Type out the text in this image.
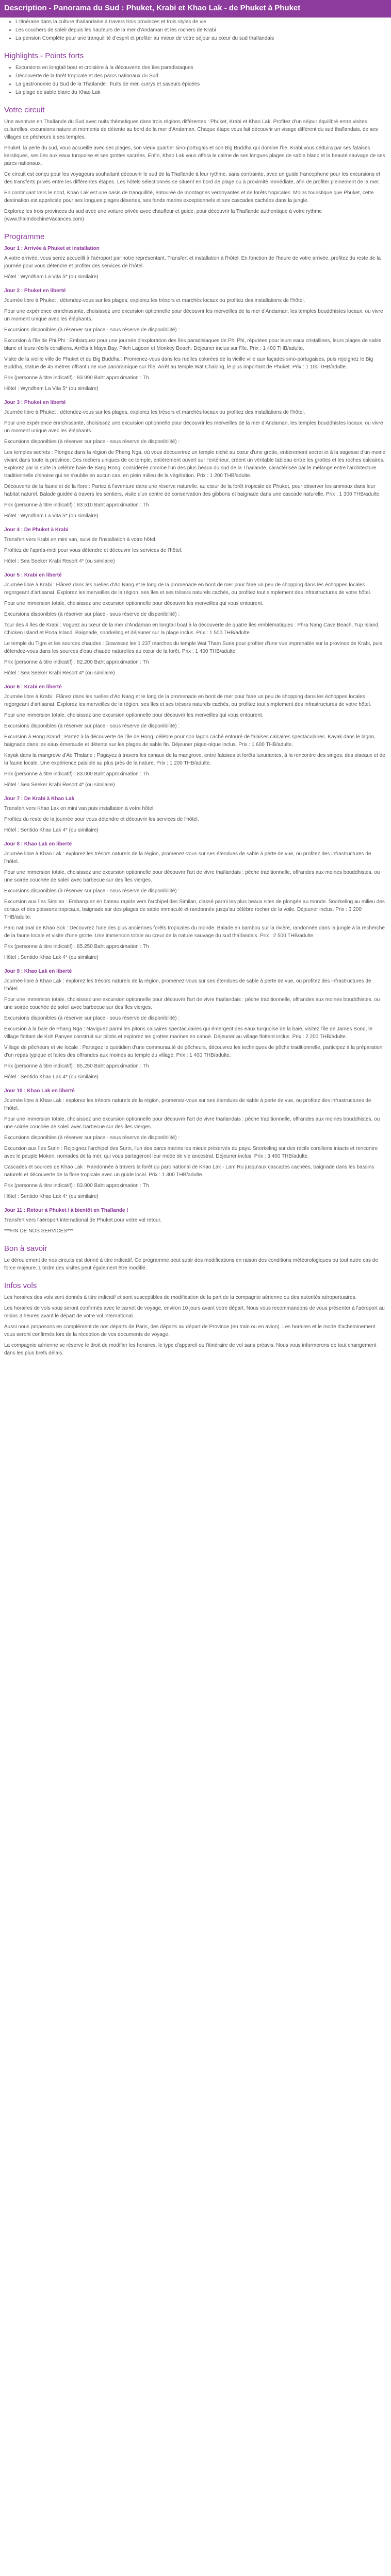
Description - Panorama du Sud : Phuket, Krabi et Khao Lak - de Phuket à Phuket
• L'itinéraire dans la culture thaïlandaise à travers trois provinces et trois styles de vie
• Les couchers de soleil depuis les hauteurs de la mer d'Andaman et les rochers de Krabi
• La pension Complète pour une tranquillité d'esprit et profiter au mieux de votre séjour au cœur du sud thaïlandais
Highlights - Points forts
• Excursions en longtail boat et croisière à la découverte des îles paradisiaques
• Découverte de la forêt tropicale et des parcs nationaux du Sud
• La gastronomie du Sud de la Thaïlande : fruits de mer, currys et saveurs épicées
• La plage de sable blanc du Khao Lak
Votre circuit

Une aventure en Thaïlande du Sud avec nuits thématiques dans trois régions différentes : Phuket, Krabi et Khao Lak. Profitez d'un séjour équilibré entre visites culturelles, excursions nature et moments de détente au bord de la mer d'Andaman. Chaque étape vous fait découvrir un visage différent du sud thaïlandais, de ses villages de pêcheurs à ses temples.

Phuket, la perle du sud, vous accueille avec ses plages, son vieux quartier sino-portugais et son Big Buddha qui domine l'île. Krabi vous séduira par ses falaises karstiques, ses îles aux eaux turquoise et ses grottes sacrées. Enfin, Khao Lak vous offrira le calme de ses longues plages de sable blanc et la beauté sauvage de ses parcs nationaux.

Ce circuit est conçu pour les voyageurs souhaitant découvrir le sud de la Thaïlande à leur rythme, sans contrainte, avec un guide francophone pour les excursions et des transferts privés entre les différentes étapes. Les hôtels sélectionnés se situent en bord de plage ou à proximité immédiate, afin de profiter pleinement de la mer.

En continuant vers le nord, Khao Lak est une oasis de tranquillité, entourée de montagnes verdoyantes et de forêts tropicales. Moins touristique que Phuket, cette destination est appréciée pour ses longues plages désertes, ses fonds marins exceptionnels et ses cascades cachées dans la jungle.

Explorez les trois provinces du sud avec une voiture privée avec chauffeur et guide, pour découvrir la Thaïlande authentique à votre rythme (www.thaiIndochineVacances.com)

Programme
Jour 1 : Arrivée à Phuket et installation

A votre arrivée, vous serez accueilli à l'aéroport par notre représentant. Transfert et installation à l'hôtel. En fonction de l'heure de votre arrivée, profitez du reste de la journée pour vous détendre et profiter des services de l'hôtel.

Hôtel : Wyndham La Vita 5* (ou similaire)

Jour 2 : Phuket en liberté

Journée libre à Phuket : détendez-vous sur les plages, explorez les trésors et marchés locaux ou profitez des installations de l'hôtel.

Pour une expérience enrichissante, choisissez une excursion optionnelle pour découvrir les merveilles de la mer d'Andaman, les temples bouddhistes locaux, ou vivre un moment unique avec les éléphants.

Excursions disponibles (à réserver sur place - sous réserve de disponibilité) :

Excursion à l'île de Phi Phi : Embarquez pour une journée d'exploration des îles paradisiaques de Phi Phi, réputées pour leurs eaux cristallines, leurs plages de sable blanc et leurs récifs coralliens. Arrêts à Maya Bay, Pileh Lagoon et Monkey Beach. Déjeuner inclus sur l'île. Prix : 1 400 THB/adulte.

Visite de la vieille ville de Phuket et du Big Buddha : Promenez-vous dans les ruelles colorées de la vieille ville aux façades sino-portugaises, puis rejoignez le Big Buddha, statue de 45 mètres offrant une vue panoramique sur l'île. Arrêt au temple Wat Chalong, le plus important de Phuket. Prix : 1 100 THB/adulte.

Prix (personne à titre indicatif) : 83.990 Baht approximation : Th

Hôtel : Wyndham La Vita 5* (ou similaire)

Jour 3 : Phuket en liberté

Journée libre à Phuket : détendez-vous sur les plages, explorez les trésors et marchés locaux ou profitez des installations de l'hôtel.

Pour une expérience enrichissante, choisissez une excursion optionnelle pour découvrir les merveilles de la mer d'Andaman, les temples bouddhistes locaux, ou vivre un moment unique avec les éléphants.

Excursions disponibles (à réserver sur place - sous réserve de disponibilité) :

Les temples secrets : Plongez dans la région de Phang Nga, où vous découvrirez un temple niché au cœur d'une grotte, entièrement secret et à la sagesse d'un moine vivant dans toute la province. Ces rochers uniques de ce temple, entièrement ouvert sur l'extérieur, créent un véritable tableau entre les grottes et les roches calcaires. Explorez par la suite la célèbre baie de Bang Rong, considérée comme l'un des plus beaux du sud de la Thaïlande, caractérisée par le mélange entre l'architecture traditionnelle chinoise qui ne s'oublie en aucun cas, en plein milieu de la végétation. Prix : 1 200 THB/adulte.

Découverte de la faune et de la flore : Partez à l'aventure dans une réserve naturelle, au cœur de la forêt tropicale de Phuket, pour observer les animaux dans leur habitat naturel. Balade guidée à travers les sentiers, visite d'un centre de conservation des gibbons et baignade dans une cascade naturelle. Prix : 1 300 THB/adulte.

Prix (personne à titre indicatif) : 83.510 Baht approximation : Th

Hôtel : Wyndham La Vita 5* (ou similaire)

Jour 4 : De Phuket à Krabi

Transfert vers Krabi en mini van, suivi de l'installation à votre hôtel.

Profitez de l'après-midi pour vous détendre et découvrir les services de l'hôtel.

Hôtel : Sea Seeker Krabi Resort 4* (ou similaire)

Jour 5 : Krabi en liberté

Journée libre à Krabi : Flânez dans les ruelles d'Ao Nang et le long de la promenade en bord de mer pour faire un peu de shopping dans les échoppes locales regorgeant d'artisanat. Explorez les merveilles de la région, ses îles et ses trésors naturels cachés, ou profitez tout simplement des infrastructures de votre hôtel.

Pour une immersion totale, choisissez une excursion optionnelle pour découvrir les merveilles qui vous entourent.

Excursions disponibles (à réserver sur place - sous réserve de disponibilité) :

Tour des 4 îles de Krabi : Voguez au cœur de la mer d'Andaman en longtail boat à la découverte de quatre îles emblématiques : Phra Nang Cave Beach, Tup Island, Chicken Island et Poda Island. Baignade, snorkeling et déjeuner sur la plage inclus. Prix : 1 500 THB/adulte.

Le temple du Tigre et les sources chaudes : Gravissez les 1 237 marches du temple Wat Tham Suea pour profiter d'une vue imprenable sur la province de Krabi, puis détendez-vous dans les sources d'eau chaude naturelles au cœur de la forêt. Prix : 1 400 THB/adulte.

Prix (personne à titre indicatif) : 82.200 Baht approximation : Th

Hôtel : Sea Seeker Krabi Resort 4* (ou similaire)

Jour 6 : Krabi en liberté

Journée libre à Krabi : Flânez dans les ruelles d'Ao Nang et le long de la promenade en bord de mer pour faire un peu de shopping dans les échoppes locales regorgeant d'artisanat. Explorez les merveilles de la région, ses îles et ses trésors naturels cachés, ou profitez tout simplement des infrastructures de votre hôtel.

Pour une immersion totale, choisissez une excursion optionnelle pour découvrir les merveilles qui vous entourent.

Excursions disponibles (à réserver sur place - sous réserve de disponibilité) :

Excursion à Hong Island : Partez à la découverte de l'île de Hong, célèbre pour son lagon caché entouré de falaises calcaires spectaculaires. Kayak dans le lagon, baignade dans les eaux émeraude et détente sur les plages de sable fin. Déjeuner pique-nique inclus. Prix : 1 600 THB/adulte.

Kayak dans la mangrove d'Ao Thalane : Pagayez à travers les canaux de la mangrove, entre falaises et forêts luxuriantes, à la rencontre des singes, des oiseaux et de la faune locale. Une expérience paisible au plus près de la nature. Prix : 1 200 THB/adulte.

Prix (personne à titre indicatif) : 83.000 Baht approximation : Th

Hôtel : Sea Seeker Krabi Resort 4* (ou similaire)

Jour 7 : De Krabi à Khao Lak

Transfert vers Khao Lak en mini van puis installation à votre hôtel.

Profitez du reste de la journée pour vous détendre et découvrir les services de l'hôtel.

Hôtel : Sentido Khao Lak 4* (ou similaire)

Jour 8 : Khao Lak en liberté

Journée libre à Khao Lak : explorez les trésors naturels de la région, promenez-vous sur ses étendues de sable à perte de vue, ou profitez des infrastructures de l'hôtel.

Pour une immersion totale, choisissez une excursion optionnelle pour découvrir l'art de vivre thaïlandais : pêche traditionnelle, offrandes aux moines bouddhistes, ou une soirée couchée de soleil avec barbecue sur des îles vierges.

Excursions disponibles (à réserver sur place - sous réserve de disponibilité) :

Excursion aux îles Similan : Embarquez en bateau rapide vers l'archipel des Similan, classé parmi les plus beaux sites de plongée au monde. Snorkeling au milieu des coraux et des poissons tropicaux, baignade sur des plages de sable immaculé et randonnée jusqu'au célèbre rocher de la voile. Déjeuner inclus. Prix : 3 200 THB/adulte.

Parc national de Khao Sok : Découvrez l'une des plus anciennes forêts tropicales du monde. Balade en bambou sur la rivière, randonnée dans la jungle à la recherche de la faune locale et visite d'une grotte. Une immersion totale au cœur de la nature sauvage du sud thaïlandais. Prix : 2 500 THB/adulte.

Prix (personne à titre indicatif) : 85.250 Baht approximation : Th

Hôtel : Sentido Khao Lak 4* (ou similaire)

Jour 9 : Khao Lak en liberté

Journée libre à Khao Lak : explorez les trésors naturels de la région, promenez-vous sur ses étendues de sable à perte de vue, ou profitez des infrastructures de l'hôtel.

Pour une immersion totale, choisissez une excursion optionnelle pour découvrir l'art de vivre thaïlandais : pêche traditionnelle, offrandes aux moines bouddhistes, ou une soirée couchée de soleil avec barbecue sur des îles vierges.

Excursions disponibles (à réserver sur place - sous réserve de disponibilité) :

Excursion à la baie de Phang Nga : Naviguez parmi les pitons calcaires spectaculaires qui émergent des eaux turquoise de la baie, visitez l'île de James Bond, le village flottant de Koh Panyee construit sur pilotis et explorez les grottes marines en canoë. Déjeuner au village flottant inclus. Prix : 2 200 THB/adulte.

Village de pêcheurs et vie locale : Partagez le quotidien d'une communauté de pêcheurs, découvrez les techniques de pêche traditionnelle, participez à la préparation d'un repas typique et faites des offrandes aux moines au temple du village. Prix : 1 400 THB/adulte.

Prix (personne à titre indicatif) : 85.250 Baht approximation : Th

Hôtel : Sentido Khao Lak 4* (ou similaire)

Jour 10 : Khao Lak en liberté

Journée libre à Khao Lak : explorez les trésors naturels de la région, promenez-vous sur ses étendues de sable à perte de vue, ou profitez des infrastructures de l'hôtel.

Pour une immersion totale, choisissez une excursion optionnelle pour découvrir l'art de vivre thaïlandais : pêche traditionnelle, offrandes aux moines bouddhistes, ou une soirée couchée de soleil avec barbecue sur des îles vierges.

Excursions disponibles (à réserver sur place - sous réserve de disponibilité) :

Excursion aux îles Surin : Rejoignez l'archipel des Surin, l'un des parcs marins les mieux préservés du pays. Snorkeling sur des récifs coralliens intacts et rencontre avec le peuple Moken, nomades de la mer, qui vous partageront leur mode de vie ancestral. Déjeuner inclus. Prix : 3 400 THB/adulte.

Cascades et sources de Khao Lak : Randonnée à travers la forêt du parc national de Khao Lak - Lam Ru jusqu'aux cascades cachées, baignade dans les bassins naturels et découverte de la flore tropicale avec un guide local. Prix : 1 300 THB/adulte.

Prix (personne à titre indicatif) : 83.900 Baht approximation : Th

Hôtel : Sentido Khao Lak 4* (ou similaire)

Jour 11 : Retour à Phuket / à bientôt en Thaïlande !

Transfert vers l'aéroport international de Phuket pour votre vol retour.

***FIN DE NOS SERVICES***

Bon à savoir

Le déroulement de nos circuits est donné à titre indicatif. Ce programme peut subir des modifications en raison des conditions météorologiques ou tout autre cas de force majeure. L'ordre des visites peut également être modifié.

Infos vols

Les horaires des vols sont donnés à titre indicatif et sont susceptibles de modification de la part de la compagnie aérienne ou des autorités aéroportuaires.

Les horaires de vols vous seront confirmés avec le carnet de voyage, environ 10 jours avant votre départ. Nous vous recommandons de vous présenter à l'aéroport au moins 3 heures avant le départ de votre vol international.

Aussi nous proposons en complément de nos départs de Paris, des départs au départ de Province (en train ou en avion). Les horaires et le mode d'acheminement vous seront confirmés lors de la réception de vos documents de voyage.

La compagnie aérienne se réserve le droit de modifier les horaires, le type d'appareil ou l'itinéraire de vol sans préavis. Nous vous informerons de tout changement dans les plus brefs délais.
